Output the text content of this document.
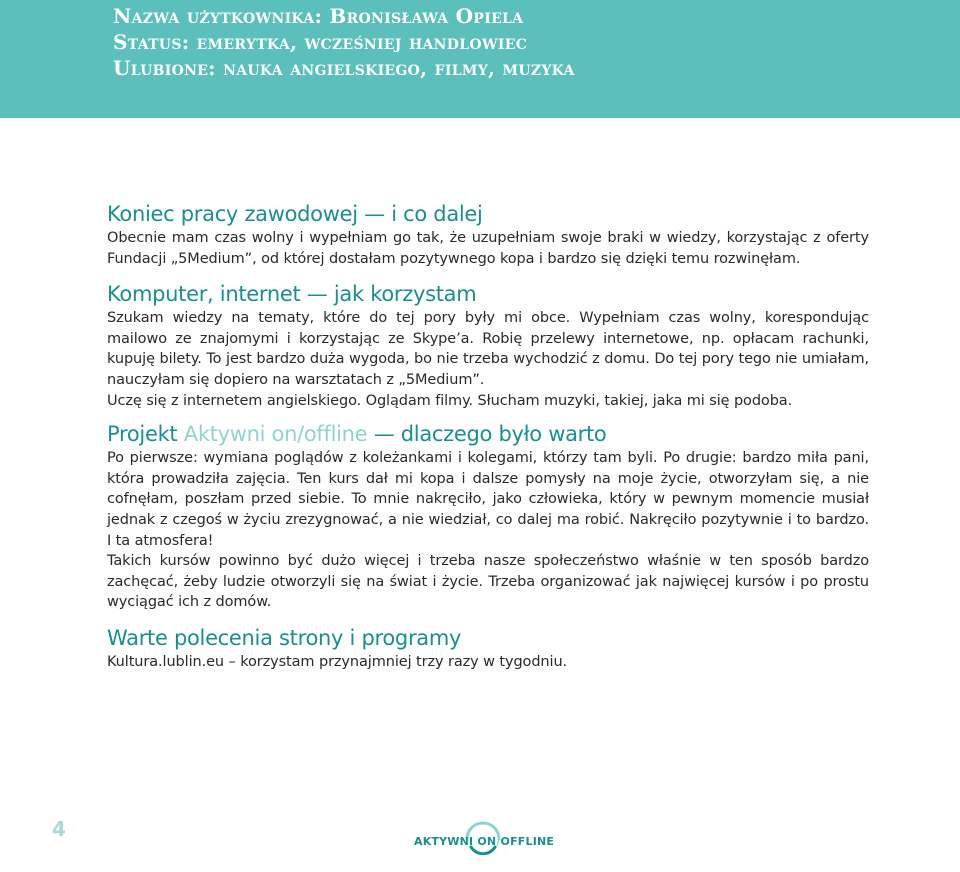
Nazwa użytkownika: Bronisława Opiela
Status: emerytka, wcześniej handlowiec
Ulubione: nauka angielskiego, filmy, muzyka
Koniec pracy zawodowej — i co dalej

Obecnie mam czas wolny i wypełniam go tak, że uzupełniam swoje braki w wiedzy, korzystając z oferty Fundacji „5Medium”, od której dostałam pozytywnego kopa i bardzo się dzięki temu rozwinęłam.

Komputer, internet — jak korzystam

Szukam wiedzy na tematy, które do tej pory były mi obce. Wypełniam czas wolny, korespondując mailowo ze znajomymi i korzystając ze Skype’a. Robię przelewy internetowe, np. opłacam rachunki, kupuję bilety. To jest bardzo duża wygoda, bo nie trzeba wychodzić z domu. Do tej pory tego nie umiałam, nauczyłam się dopiero na warsztatach z „5Medium”.

Uczę się z internetem angielskiego. Oglądam filmy. Słucham muzyki, takiej, jaka mi się podoba.

Projekt Aktywni on/offline — dlaczego było warto

Po pierwsze: wymiana poglądów z koleżankami i kolegami, którzy tam byli. Po drugie: bardzo miła pani, która prowadziła zajęcia. Ten kurs dał mi kopa i dalsze pomysły na moje życie, otworzyłam się, a nie cofnęłam, poszłam przed siebie. To mnie nakręciło, jako człowieka, który w pewnym momencie musiał jednak z czegoś w życiu zrezygnować, a nie wiedział, co dalej ma robić. Nakręciło pozytywnie i to bardzo. I ta atmosfera!

Takich kursów powinno być dużo więcej i trzeba nasze społeczeństwo właśnie w ten sposób bardzo zachęcać, żeby ludzie otworzyli się na świat i życie. Trzeba organizować jak najwięcej kursów i po prostu wyciągać ich z domów.

Warte polecenia strony i programy

Kultura.lublin.eu – korzystam przynajmniej trzy razy w tygodniu.

4
AKTYWNI ON/OFFLINE
